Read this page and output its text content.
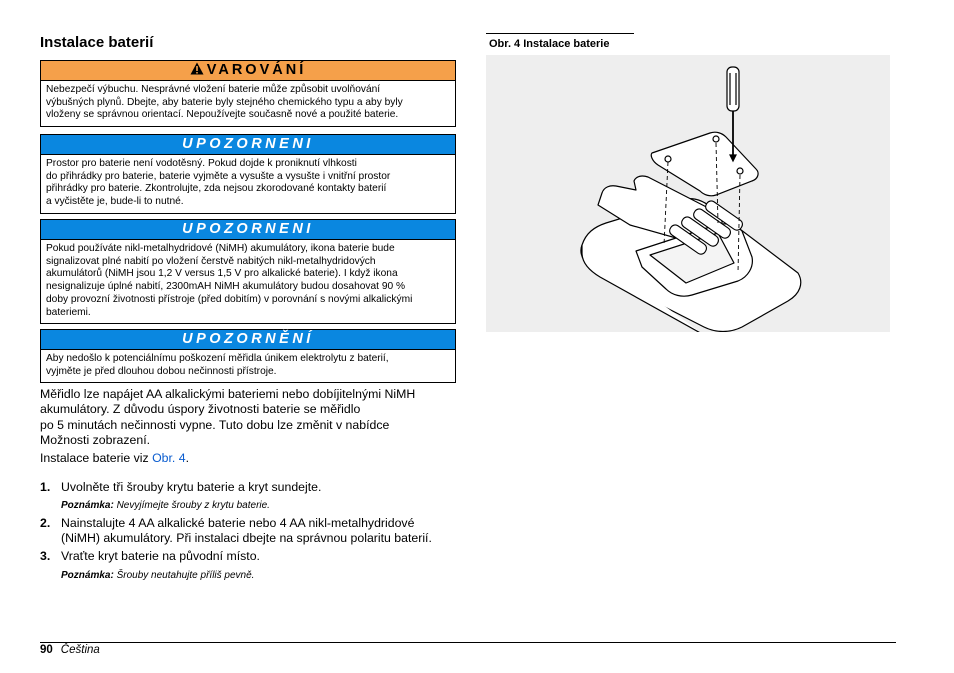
Instalace baterií
VAROVÁNÍ

Nebezpečí výbuchu. Nesprávné vložení baterie může způsobit uvolňování
výbušných plynů. Dbejte, aby baterie byly stejného chemického typu a aby byly
vloženy se správnou orientací. Nepoužívejte současně nové a použité baterie.

UPOZORNENI

Prostor pro baterie není vodotěsný. Pokud dojde k proniknutí vlhkosti
do přihrádky pro baterie, baterie vyjměte a vysušte a vysušte i vnitřní prostor
přihrádky pro baterie. Zkontrolujte, zda nejsou zkorodované kontakty baterií
a vyčistěte je, bude-li to nutné.

UPOZORNENI

Pokud používáte nikl-metalhydridové (NiMH) akumulátory, ikona baterie bude
signalizovat plné nabití po vložení čerstvě nabitých nikl-metalhydridových
akumulátorů (NiMH jsou 1,2 V versus 1,5 V pro alkalické baterie). I když ikona
nesignalizuje úplné nabití, 2300mAH NiMH akumulátory budou dosahovat 90 %
doby provozní životnosti přístroje (před dobitím) v porovnání s novými alkalickými
bateriemi.

UPOZORNĚNÍ

Aby nedošlo k potenciálnímu poškození měřidla únikem elektrolytu z baterií,
vyjměte je před dlouhou dobou nečinnosti přístroje.

Měřidlo lze napájet AA alkalickými bateriemi nebo dobíjitelnými NiMH
akumulátory. Z důvodu úspory životnosti baterie se měřidlo
po 5 minutách nečinnosti vypne. Tuto dobu lze změnit v nabídce
Možnosti zobrazení.

Instalace baterie viz Obr. 4.
1. Uvolněte tři šrouby krytu baterie a kryt sundejte.
Poznámka: Nevyjímejte šrouby z krytu baterie.
2. Nainstalujte 4 AA alkalické baterie nebo 4 AA nikl-metalhydridové
(NiMH) akumulátory. Při instalaci dbejte na správnou polaritu baterií.
3. Vraťte kryt baterie na původní místo.
Poznámka: Šrouby neutahujte příliš pevně.
Obr. 4 Instalace baterie
90 Čeština
